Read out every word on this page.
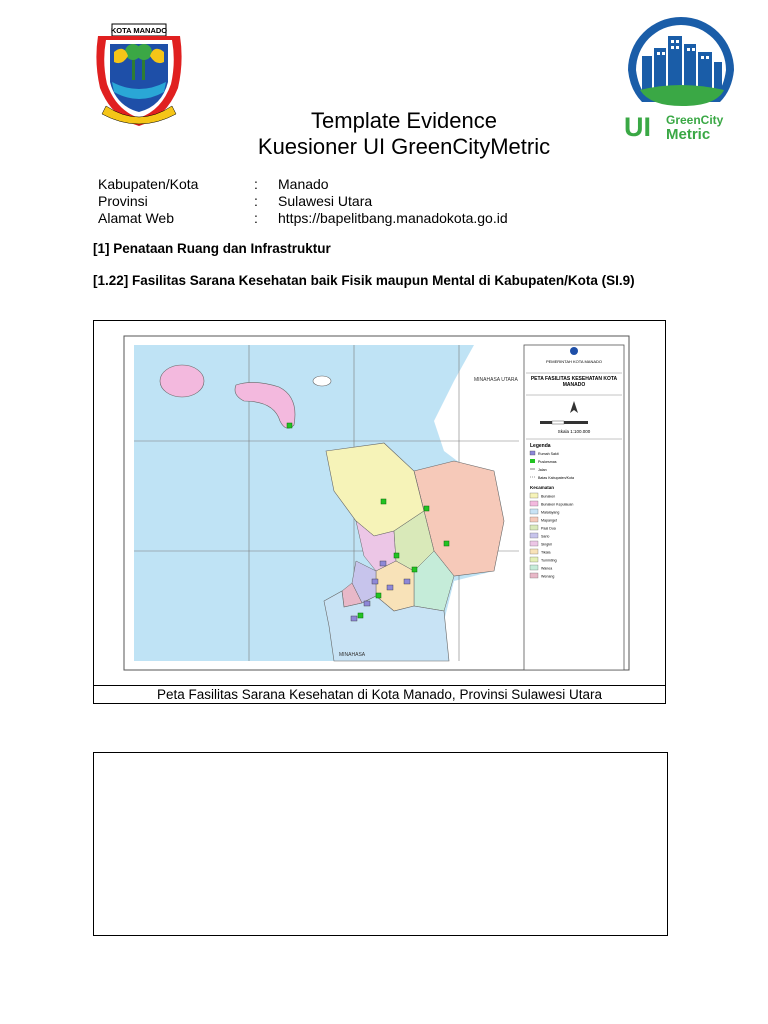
KOTA MANADO
UI GreenCity
Metric
Template Evidence
Kuesioner UI GreenCityMetric
Kabupaten/Kota	: Manado
Provinsi	: Sulawesi Utara
Alamat Web	: https://bapelitbang.manadokota.go.id
[1] Penataan Ruang dan Infrastruktur
[1.22] Fasilitas Sarana Kesehatan baik Fisik maupun Mental di Kabupaten/Kota (SI.9)
MINAHASA UTARA
MINAHASA
PEMERINTAH KOTA MANADO
PETA FASILITAS KESEHATAN KOTA MANADO
Skala 1:100.000
Legenda
Rumah Sakit
Puskesmas
Jalan
Batas Kabupaten/Kota
Kecamatan
Bunaken
Bunaken Kepulauan
Malalayang
Mapanget
Paal Dua
Sario
Singkil
Tikala
Tuminting
Wanea
Wenang
Peta Fasilitas Sarana Kesehatan di Kota Manado, Provinsi Sulawesi Utara
